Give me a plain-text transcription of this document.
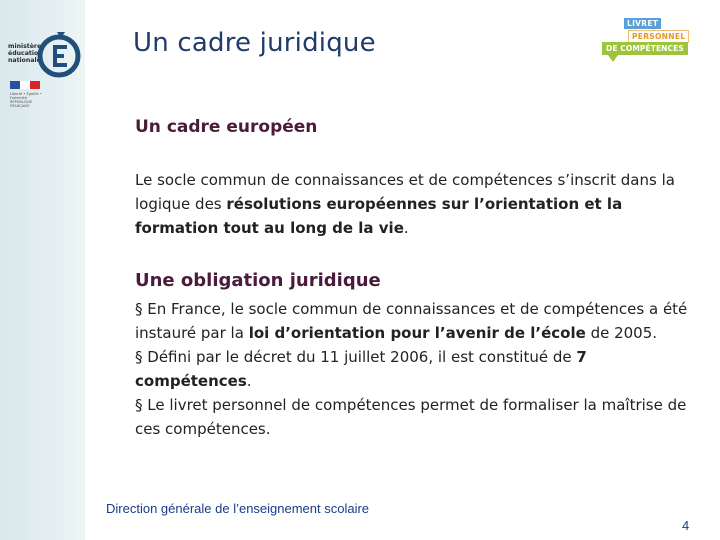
ministère
éducation
nationale
Liberté • Égalité • Fraternité RÉPUBLIQUE FRANÇAISE
Un cadre juridique
LIVRET
PERSONNEL
DE COMPÉTENCES
Un cadre européen

Le socle commun de connaissances et de compétences s’inscrit dans la logique des résolutions européennes sur l’orientation et la formation tout au long de la vie.

Une obligation juridique

§ En France, le socle commun de connaissances et de compétences a été instauré par la loi d’orientation pour l’avenir de l’école de 2005.
§ Défini par le décret du 11 juillet 2006, il est constitué de 7 compétences.
§ Le livret personnel de compétences permet de formaliser la maîtrise de ces compétences.

Direction générale de l’enseignement scolaire
4
